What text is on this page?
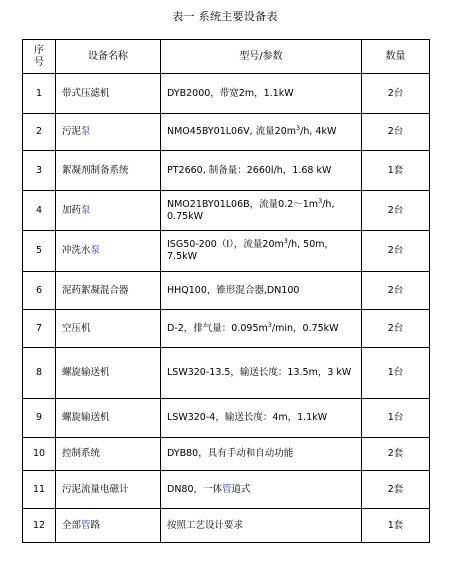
表一 系统主要设备表
序号	设备名称	型号/参数	数量
1	带式压滤机	DYB2000，带宽2m，1.1kW	2台
2	污泥泵	NMO45BY01L06V, 流量$20m^3/h$, 4kW	2台
3	絮凝剂制备系统	PT2660, 制备量：2660l/h，1.68 kW	1套
4	加药泵	NMO21BY01L06B，流量$0.2\sim 1m^3/h$,
0.75kW	2台
5	冲洗水泵	ISG50-200（I），流量$20m^3/h$, 50m，
7.5kW	2台
6	泥药絮凝混合器	HHQ100，锥形混合器,DN100	2台
7	空压机	D-2，排气量：$0.095m^3/\min$，0.75kW	2台
8	螺旋输送机	LSW320-13.5，输送长度：13.5m，3 kW	1台
9	螺旋输送机	LSW320-4，输送长度：4m，1.1kW	1台
10	控制系统	DYB80，具有手动和自动功能	2套
11	污泥流量电磁计	DN80，一体管道式	2套
12	全部管路	按照工艺设计要求	1套
